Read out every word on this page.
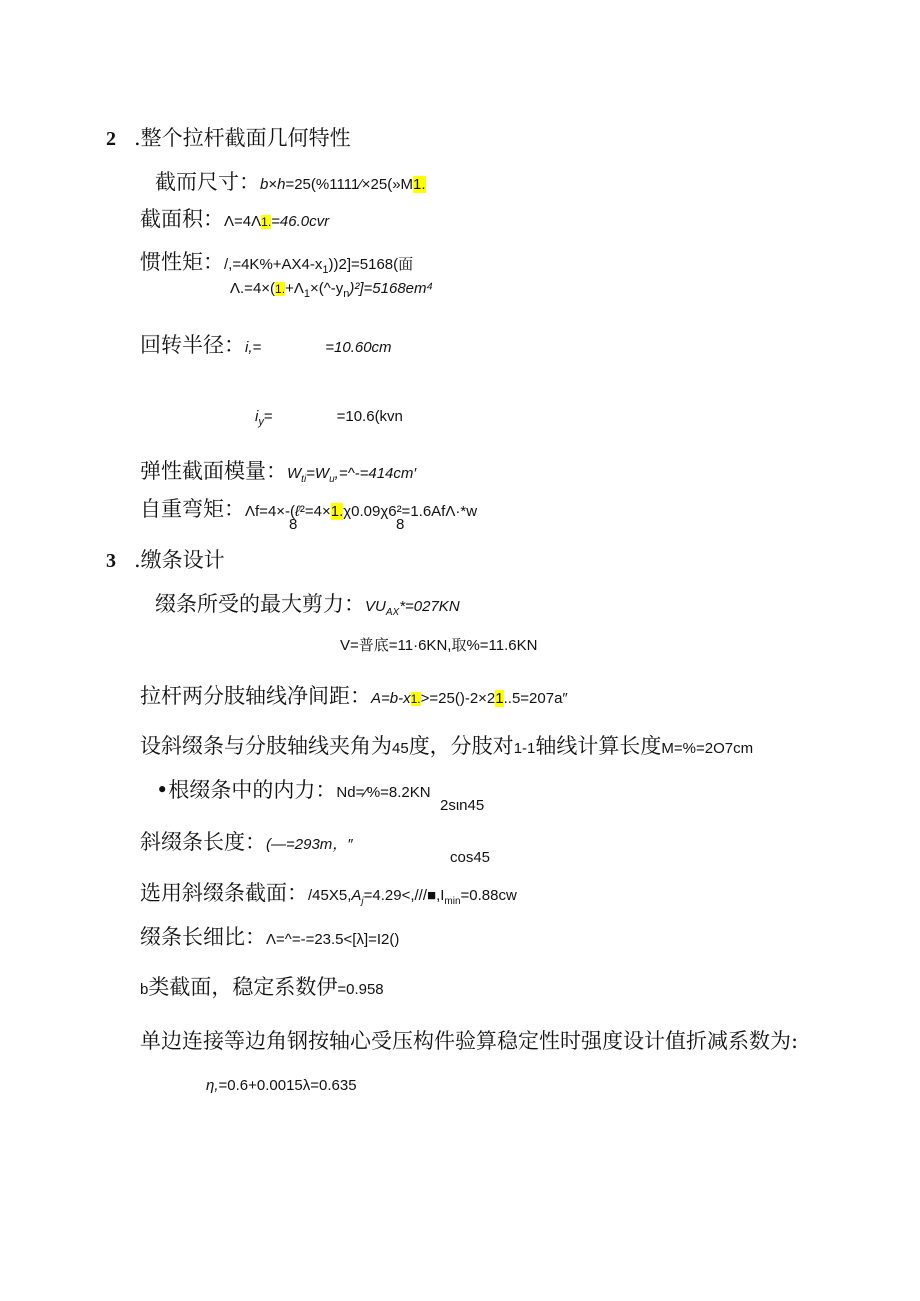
2 .整个拉杆截面几何特性
截而尺寸：b×h=25(%1111⁄×25(»M1.
截面积：Λ=4Λ1.=46.0cvr
惯性矩：$/,=4K\%+AX4-x_1))2]=5168$(面
$\Lambda.=4\times(1.+\Lambda_1\times(\^{}-y_n)^2]=5168em^4$
回转半径：i,=	=10.60cm
$i_y=$	=10.6(kvn
弹性截面模量：$W_{ti}=W_u,=\^{}-=414cm'$
自重弯矩：Λf=4×-(ℓ²=4×1.χ0.09χ6²=1.6AfΛ·*w
8	8
3 .缴条设计
缀条所受的最大剪力：$VU_{AX}*=027KN$
V=普底=11·6KN,取%=11.6KN
拉杆两分肢轴线净间距：A=b-x1.>=25()-2×21..5=207a″
设斜缀条与分肢轴线夹角为45度，分肢对1-1轴线计算长度M=%=2O7cm
•根缀条中的内力：Nd=⁄%=8.2KN
2sιn45
斜缀条长度：(—=293m，″
cos45
选用斜缀条截面：$/45X5,A_j=4.29<,///■,I_{min}=0.88cw$
缀条长细比：Λ=^=-=23.5<[λ]=I2()
b类截面，稳定系数伊=0.958
单边连接等边角钢按轴心受压构件验算稳定性时强度设计值折减系数为:
η,=0.6+0.0015λ=0.635
